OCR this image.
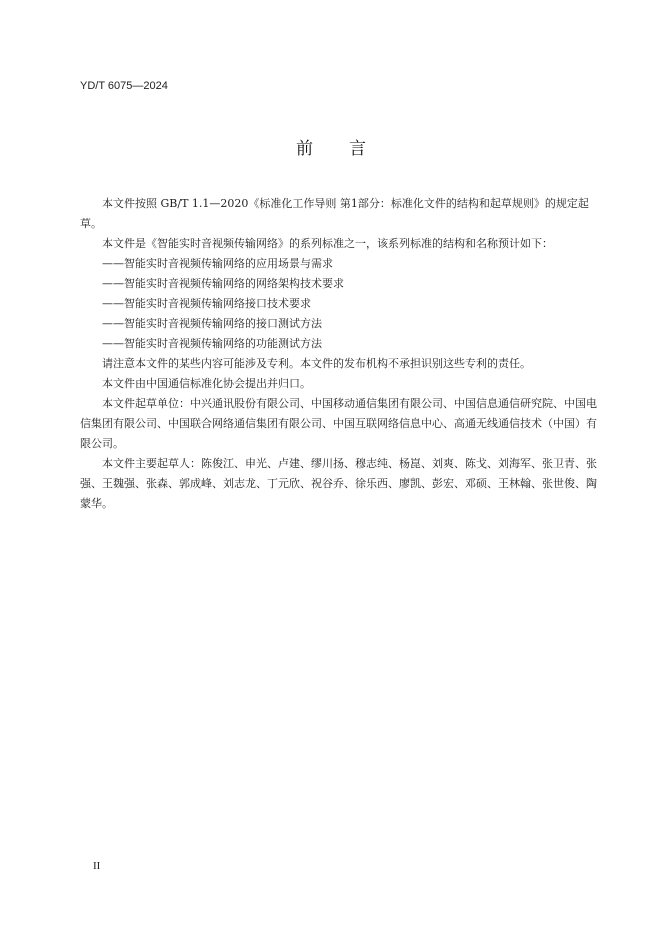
YD/T 6075—2024
前言

本文件按照 GB/T 1.1—2020《标准化工作导则 第1部分：标准化文件的结构和起草规则》的规定起草。

本文件是《智能实时音视频传输网络》的系列标准之一，该系列标准的结构和名称预计如下：

——智能实时音视频传输网络的应用场景与需求

——智能实时音视频传输网络的网络架构技术要求

——智能实时音视频传输网络接口技术要求

——智能实时音视频传输网络的接口测试方法

——智能实时音视频传输网络的功能测试方法

请注意本文件的某些内容可能涉及专利。本文件的发布机构不承担识别这些专利的责任。

本文件由中国通信标准化协会提出并归口。

本文件起草单位：中兴通讯股份有限公司、中国移动通信集团有限公司、中国信息通信研究院、中国电信集团有限公司、中国联合网络通信集团有限公司、中国互联网络信息中心、高通无线通信技术（中国）有限公司。

本文件主要起草人：陈俊江、申光、卢建、缪川扬、穆志纯、杨崑、刘爽、陈戈、刘海军、张卫青、张强、王魏强、张森、郭成峰、刘志龙、丁元欣、祝谷乔、徐乐西、廖凯、彭宏、邓硕、王林翰、张世俊、陶蒙华。

II
